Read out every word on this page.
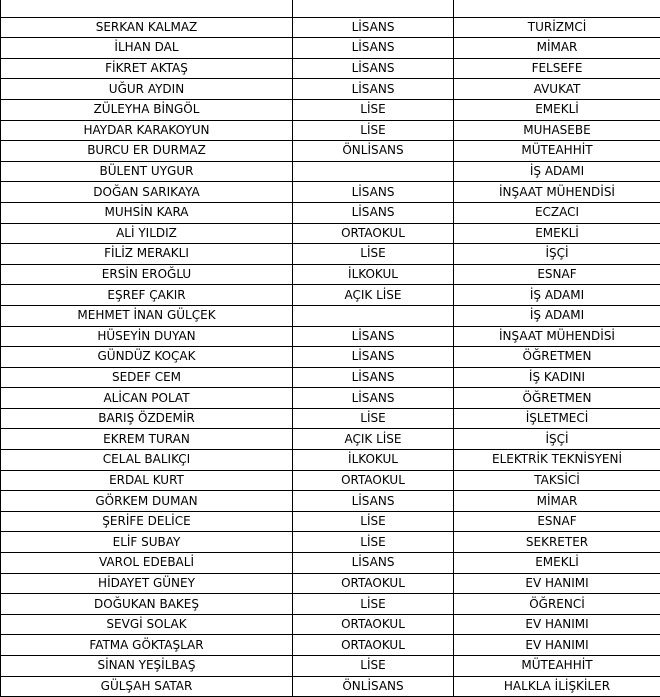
SERKAN KALMAZ	LİSANS	TURİZMCİ
İLHAN DAL	LİSANS	MİMAR
FİKRET AKTAŞ	LİSANS	FELSEFE
UĞUR AYDIN	LİSANS	AVUKAT
ZÜLEYHA BİNGÖL	LİSE	EMEKLİ
HAYDAR KARAKOYUN	LİSE	MUHASEBE
BURCU ER DURMAZ	ÖNLİSANS	MÜTEAHHİT
BÜLENT UYGUR		İŞ ADAMI
DOĞAN SARIKAYA	LİSANS	İNŞAAT MÜHENDİSİ
MUHSİN KARA	LİSANS	ECZACI
ALİ YILDIZ	ORTAOKUL	EMEKLİ
FİLİZ MERAKLI	LİSE	İŞÇİ
ERSİN EROĞLU	İLKOKUL	ESNAF
EŞREF ÇAKIR	AÇIK LİSE	İŞ ADAMI
MEHMET İNAN GÜLÇEK		İŞ ADAMI
HÜSEYİN DUYAN	LİSANS	İNŞAAT MÜHENDİSİ
GÜNDÜZ KOÇAK	LİSANS	ÖĞRETMEN
SEDEF CEM	LİSANS	İŞ KADINI
ALİCAN POLAT	LİSANS	ÖĞRETMEN
BARIŞ ÖZDEMİR	LİSE	İŞLETMECİ
EKREM TURAN	AÇIK LİSE	İŞÇİ
CELAL BALIKÇI	İLKOKUL	ELEKTRİK TEKNİSYENİ
ERDAL KURT	ORTAOKUL	TAKSİCİ
GÖRKEM DUMAN	LİSANS	MİMAR
ŞERİFE DELİCE	LİSE	ESNAF
ELİF SUBAY	LİSE	SEKRETER
VAROL EDEBALİ	LİSANS	EMEKLİ
HİDAYET GÜNEY	ORTAOKUL	EV HANIMI
DOĞUKAN BAKEŞ	LİSE	ÖĞRENCİ
SEVGİ SOLAK	ORTAOKUL	EV HANIMI
FATMA GÖKTAŞLAR	ORTAOKUL	EV HANIMI
SİNAN YEŞİLBAŞ	LİSE	MÜTEAHHİT
GÜLŞAH SATAR	ÖNLİSANS	HALKLA İLİŞKİLER
